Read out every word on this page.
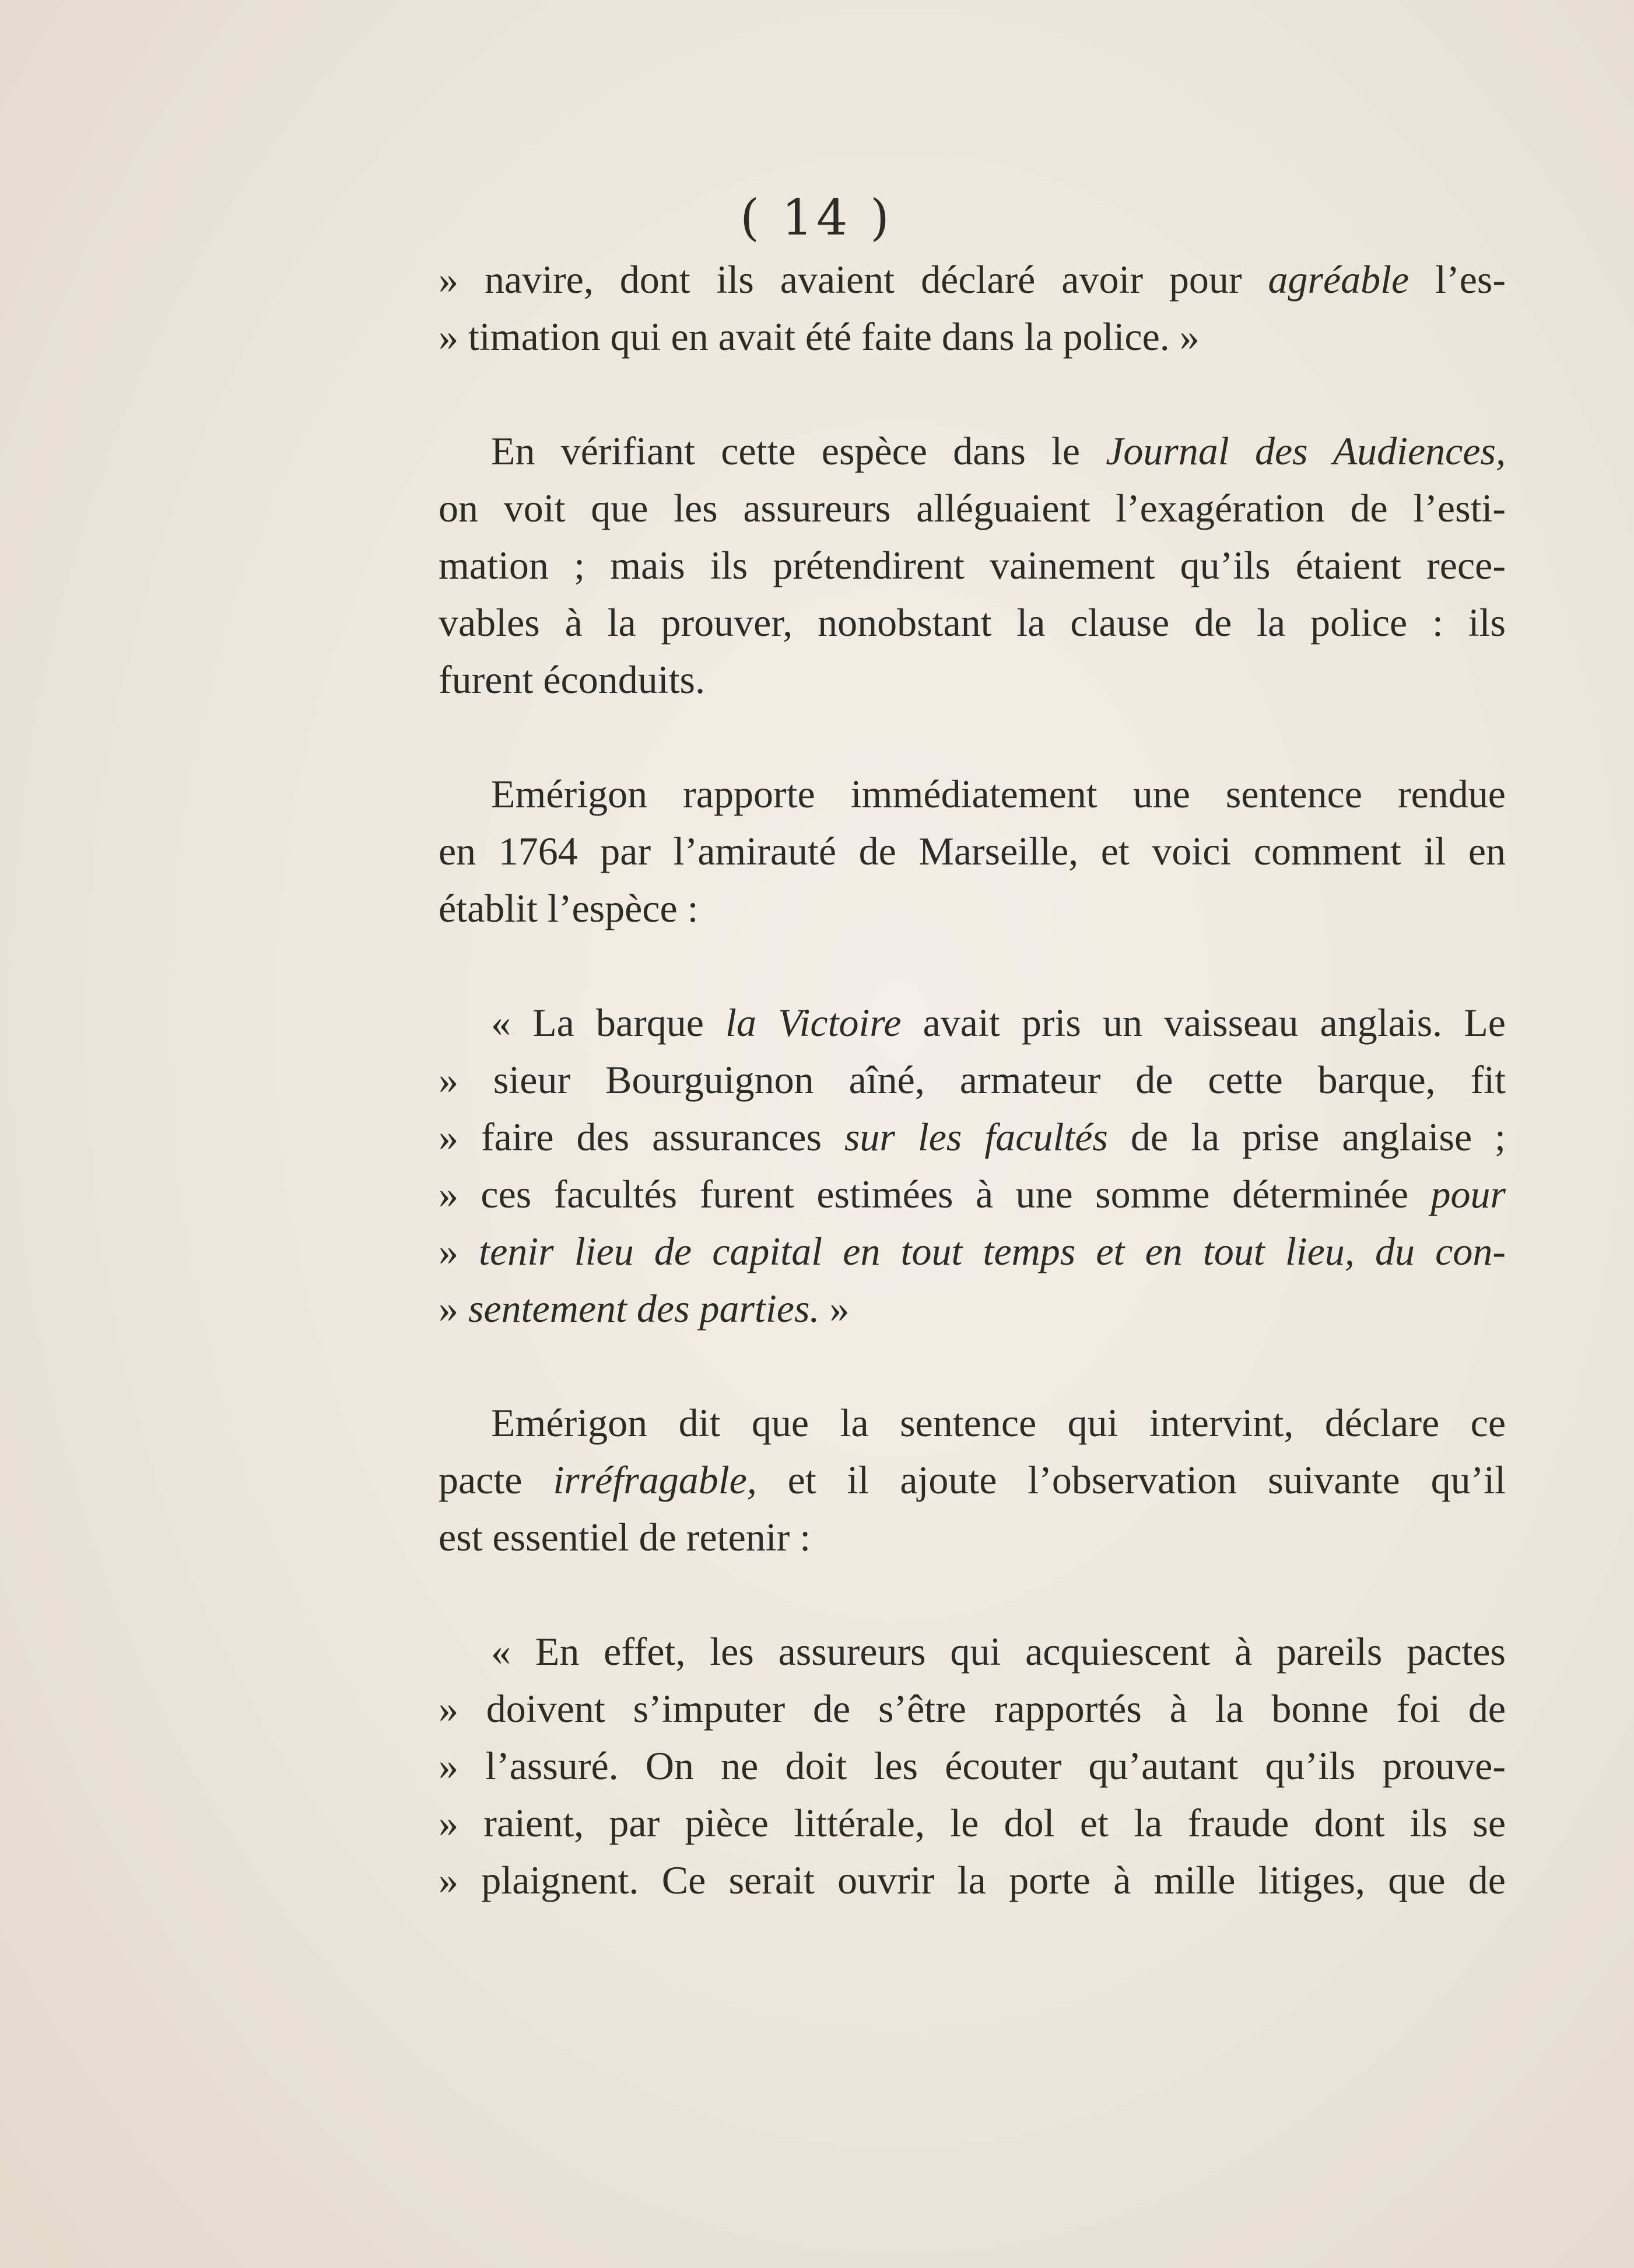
( 14 )
» navire, dont ils avaient déclaré avoir pour agréable l’es-
» timation qui en avait été faite dans la police. »
En vérifiant cette espèce dans le Journal des Audiences,
on voit que les assureurs alléguaient l’exagération de l’esti-
mation ; mais ils prétendirent vainement qu’ils étaient rece-
vables à la prouver, nonobstant la clause de la police : ils
furent éconduits.
Emérigon rapporte immédiatement une sentence rendue
en 1764 par l’amirauté de Marseille, et voici comment il en
établit l’espèce :
« La barque la Victoire avait pris un vaisseau anglais. Le
» sieur Bourguignon aîné, armateur de cette barque, fit
» faire des assurances sur les facultés de la prise anglaise ;
» ces facultés furent estimées à une somme déterminée pour
» tenir lieu de capital en tout temps et en tout lieu, du con-
» sentement des parties. »
Emérigon dit que la sentence qui intervint, déclare ce
pacte irréfragable, et il ajoute l’observation suivante qu’il
est essentiel de retenir :
« En effet, les assureurs qui acquiescent à pareils pactes
» doivent s’imputer de s’être rapportés à la bonne foi de
» l’assuré. On ne doit les écouter qu’autant qu’ils prouve-
» raient, par pièce littérale, le dol et la fraude dont ils se
» plaignent. Ce serait ouvrir la porte à mille litiges, que de
